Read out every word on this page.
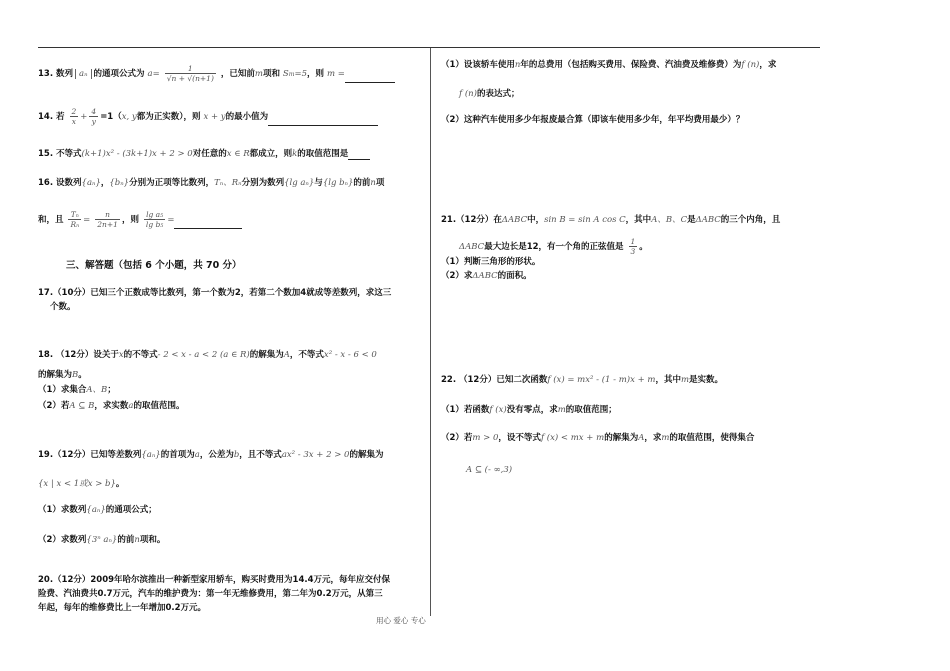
13. 数列 aₙ 的通项公式为 $a= \frac{1}{√n + √(n+1)}$ ，已知前m项和 Sm=5，则 m =
14. 若 $\frac{2}{x} + \frac{4}{y} =1(x$, y都为正实数），则 x + y的最小值为
15. 不等式(k+1)x² - (3k+1)x + 2 > 0对任意的x ∈ R都成立，则k的取值范围是
16. 设数列{aₙ}，{bₙ}分别为正项等比数列，Tₙ、Rₙ分别为数列{lg aₙ}与{lg bₙ}的前n项
和，且 $\frac{\text{Tₙ}}{\text{Rₙ}} = \frac{n}{2n+1}$ ，则 $\frac{\text{lg a₅}}{\text{lg b₅}}$ =
三、解答题（包括 6 个小题，共 70 分）
17.（10分）已知三个正数成等比数列，第一个数为2，若第二个数加4就成等差数列，求这三
个数。
18. （12分）设关于x的不等式- 2 < x - a < 2 (a ∈ R)的解集为A，不等式x² - x - 6 < 0
的解集为B。
（1）求集合A、B；
（2）若A ⊆ B，求实数a的取值范围。
19.（12分）已知等差数列{aₙ}的首项为a，公差为b，且不等式ax² - 3x + 2 > 0的解集为
{x | x < 1或x > b}。
（1）求数列{aₙ}的通项公式；
（2）求数列{3ⁿ aₙ}的前n项和。
20.（12分）2009年哈尔滨推出一种新型家用轿车，购买时费用为14.4万元，每年应交付保
险费、汽油费共0.7万元，汽车的维护费为：第一年无维修费用，第二年为0.2万元，从第三
年起，每年的维修费比上一年增加0.2万元。
（1）设该轿车使用n年的总费用（包括购买费用、保险费、汽油费及维修费）为f (n)，求
f (n)的表达式；
（2）这种汽车使用多少年报废最合算（即该车使用多少年，年平均费用最少）？
21.（12分）在ΔABC中，sin B = sin A cos C，其中A、B、C是ΔABC的三个内角，且
ΔABC最大边长是12，有一个角的正弦值是 $\frac{1}{3}$ 。
（1）判断三角形的形状。
（2）求ΔABC的面积。
22. （12分）已知二次函数f (x) = mx² - (1 - m)x + m，其中m是实数。
（1）若函数f (x)没有零点，求m的取值范围；
（2）若m > 0，设不等式f (x) < mx + m的解集为A，求m的取值范围，使得集合
A ⊆ (- ∞,3)
用心 爱心 专心
